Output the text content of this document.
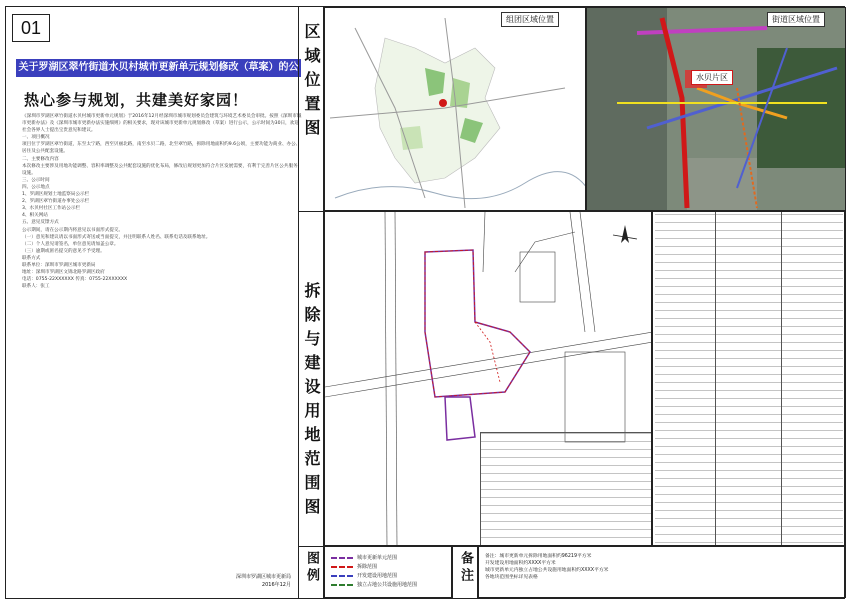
01
关于罗湖区翠竹街道水贝村城市更新单元规划修改（草案）的公示
热心参与规划，共建美好家园！

《深圳市罗湖区翠竹街道水贝村城市更新单元规划》于2016年12月经深圳市城市规划委员会建筑与环境艺术委员会审批。按照《深圳市城市更新办法》及《深圳市城市更新办法实施细则》的相关要求，现对该城市更新单元规划修改（草案）进行公示，公示时间为30日，欢迎社会各界人士提出宝贵意见和建议。

一、项目概况

项目位于罗湖区翠竹街道，东至太宁路，西至贝丽北路，南至水贝二路，北至翠竹路，拆除用地面积约9.6公顷，主要功能为商业、办公、居住及公共配套设施。

二、主要修改内容

本次修改主要涉及用地功能调整、容积率调整及公共配套设施的优化布局，修改后规划更加符合片区发展需要，有利于完善片区公共服务设施。

三、公示时间

四、公示地点

1、罗湖区规划土地监察局公示栏

2、罗湖区翠竹街道办事处公示栏

3、水贝村社区工作站公示栏

4、相关网站

五、意见反馈方式

公示期间，请在公示期内将意见以书面形式提交。

（一）意见和建议请以书面形式寄送或当面提交，并注明联系人姓名、联系电话及联系地址。

（二）个人意见请签名，单位意见请加盖公章。

（三）逾期或匿名提交的意见不予受理。

联系方式

联系单位：深圳市罗湖区城市更新局

地址：深圳市罗湖区文锦北路罗湖区政府

电话：0755-22XXXXXX 传真：0755-22XXXXXX

联系人：张工

深圳市罗湖区城市更新局
2016年12月
区域位置图
拆除与建设用地范围图
图例
组团区域位置	街道区域位置
水贝片区
城市更新单元范围
拆除范围
开发建设用地范围
独立占地公共设施用地范围	备注	备注：城市更新单元拆除用地面积约96219平方米
开发建设用地面积约XXXX平方米
城市更新单元内独立占地公共设施用地面积约XXXX平方米
各地块范围坐标详见表格
